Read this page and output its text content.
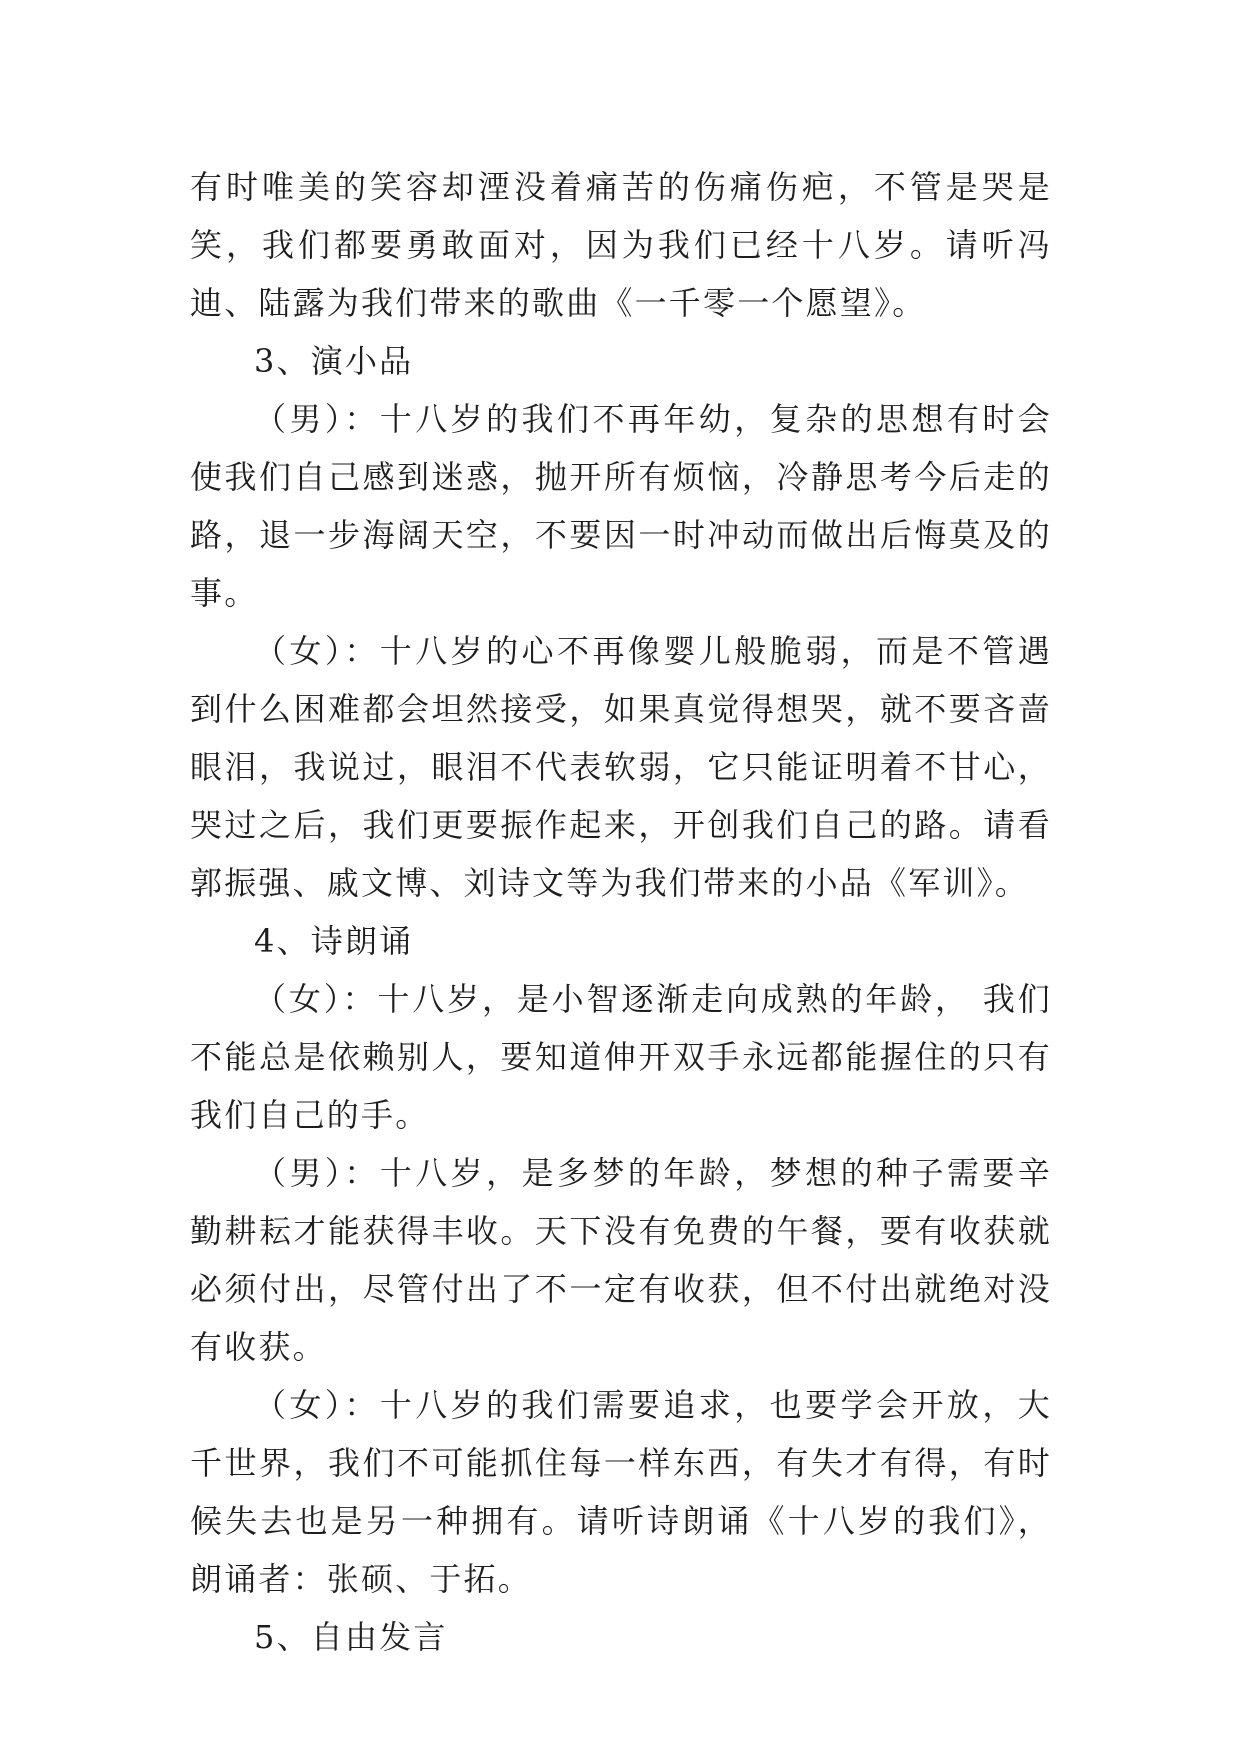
有时唯美的笑容却湮没着痛苦的伤痛伤疤，不管是哭是笑，我们都要勇敢面对，因为我们已经十八岁。请听冯迪、陆露为我们带来的歌曲《一千零一个愿望》。

3、演小品

（男）：十八岁的我们不再年幼，复杂的思想有时会使我们自己感到迷惑，抛开所有烦恼，冷静思考今后走的路，退一步海阔天空，不要因一时冲动而做出后悔莫及的事。

（女）：十八岁的心不再像婴儿般脆弱，而是不管遇到什么困难都会坦然接受，如果真觉得想哭，就不要吝啬眼泪，我说过，眼泪不代表软弱，它只能证明着不甘心，哭过之后，我们更要振作起来，开创我们自己的路。请看郭振强、戚文博、刘诗文等为我们带来的小品《军训》。

4、诗朗诵

（女）：十八岁，是小智逐渐走向成熟的年龄， 我们不能总是依赖别人，要知道伸开双手永远都能握住的只有我们自己的手。

（男）：十八岁，是多梦的年龄，梦想的种子需要辛勤耕耘才能获得丰收。天下没有免费的午餐，要有收获就必须付出，尽管付出了不一定有收获，但不付出就绝对没有收获。

（女）：十八岁的我们需要追求，也要学会开放，大千世界，我们不可能抓住每一样东西，有失才有得，有时候失去也是另一种拥有。请听诗朗诵《十八岁的我们》，朗诵者：张硕、于拓。

5、自由发言
